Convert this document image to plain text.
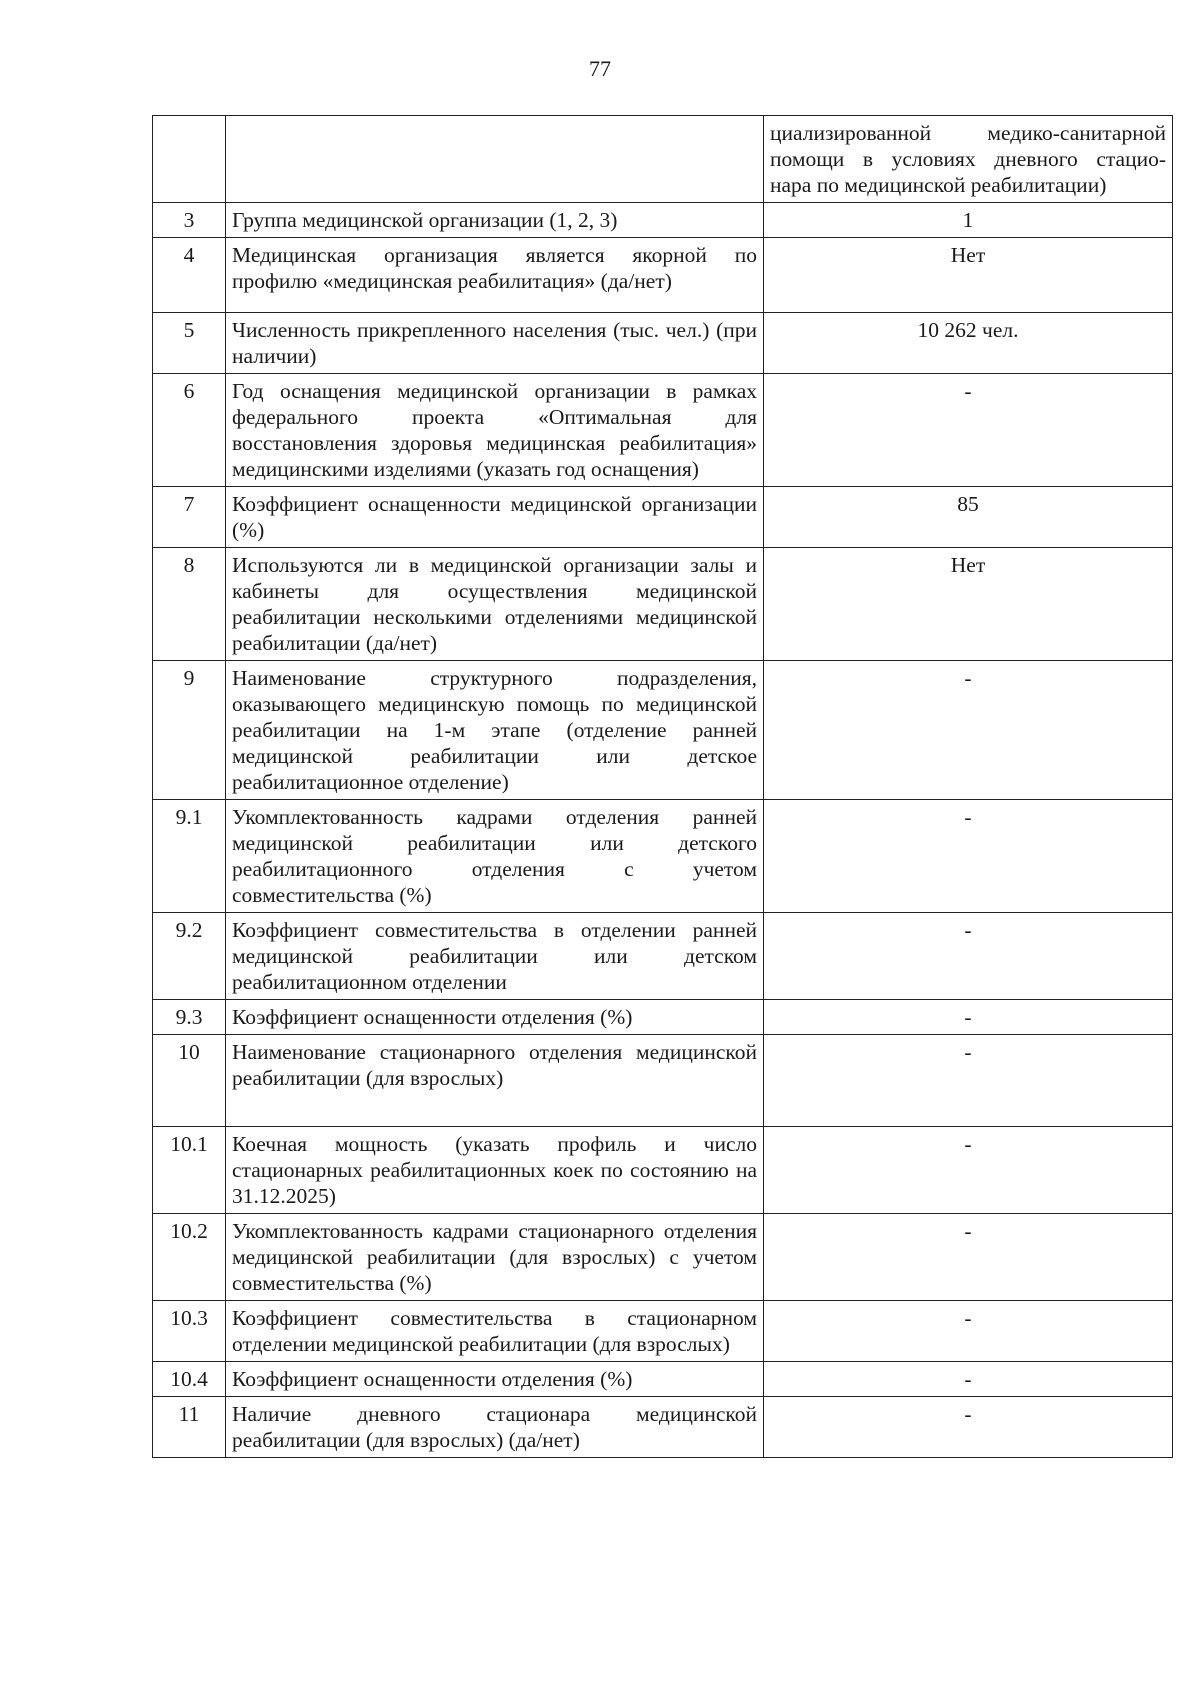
77

		циализированной медико-санитарной
помощи в условиях дневного стацио-
нара по медицинской реабилитации)

3	Группа медицинской организации (1, 2, 3)	1
4	Медицинская организация является якорной по профилю «медицинская реабилитация» (да/нет)	Нет
5	Численность прикрепленного населения (тыс. чел.) (при наличии)	10 262 чел.
6	Год оснащения медицинской организации в рамках федерального проекта «Оптимальная для восстановления здоровья медицинская реабилитация» медицинскими изделиями (указать год оснащения)	-
7	Коэффициент оснащенности медицинской организации (%)	85
8	Используются ли в медицинской организации залы и кабинеты для осуществления медицинской реабилитации несколькими отделениями медицинской реабилитации (да/нет)	Нет
9	Наименование структурного подразделения, оказывающего медицинскую помощь по медицинской реабилитации на 1-м этапе (отделение ранней медицинской реабилитации или детское реабилитационное отделение)	-
9.1	Укомплектованность кадрами отделения ранней медицинской реабилитации или детского реабилитационного отделения с учетом совместительства (%)	-
9.2	Коэффициент совместительства в отделении ранней медицинской реабилитации или детском реабилитационном отделении	-
9.3	Коэффициент оснащенности отделения (%)	-
10	Наименование стационарного отделения медицинской реабилитации (для взрослых)	-
10.1	Коечная мощность (указать профиль и число стационарных реабилитационных коек по состоянию на 31.12.2025)	-
10.2	Укомплектованность кадрами стационарного отделения медицинской реабилитации (для взрослых) с учетом совместительства (%)	-
10.3	Коэффициент совместительства в стационарном отделении медицинской реабилитации (для взрослых)	-
10.4	Коэффициент оснащенности отделения (%)	-
11	Наличие дневного стационара медицинской реабилитации (для взрослых) (да/нет)	-
